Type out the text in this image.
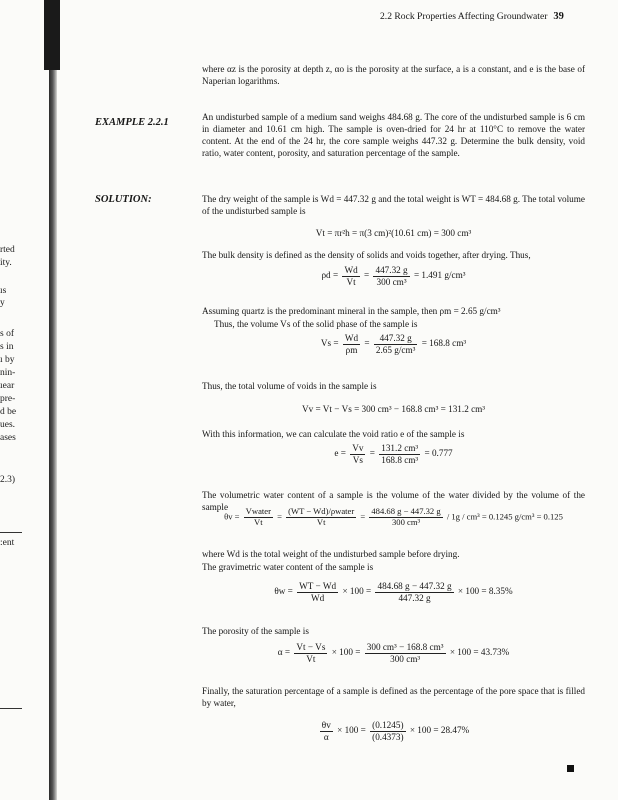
rted
ity.
ıs
y
s of
s in
ı by
nin-
ıear
pre-
d be
ues.
ases
2.3)
:ent
2.2 Rock Properties Affecting Groundwater 39
where αz is the porosity at depth z, αo is the porosity at the surface, a is a constant, and e is the base of Naperian logarithms.
EXAMPLE 2.2.1	An undisturbed sample of a medium sand weighs 484.68 g. The core of the undisturbed sample is 6 cm in diameter and 10.61 cm high. The sample is oven-dried for 24 hr at 110°C to remove the water content. At the end of the 24 hr, the core sample weighs 447.32 g. Determine the bulk density, void ratio, water content, porosity, and saturation percentage of the sample.
SOLUTION:	The dry weight of the sample is Wd = 447.32 g and the total weight is WT = 484.68 g. The total volume of the undisturbed sample is
Vt = πr²h = π(3 cm)²(10.61 cm) = 300 cm³
The bulk density is defined as the density of solids and voids together, after drying. Thus,
$\rho d = \frac{Wd}{Vt} = \frac{447.32 g}{\text{300 cm³}} = 1.491$ g/cm³
Assuming quartz is the predominant mineral in the sample, then ρm = 2.65 g/cm³
Thus, the volume Vs of the solid phase of the sample is
$Vs = \frac{Wd}{\rho m} = \frac{447.32 g}{\text{2.65 g/cm³}} = 168.8$ cm³
Thus, the total volume of voids in the sample is
Vv = Vt − Vs = 300 cm³ − 168.8 cm³ = 131.2 cm³
With this information, we can calculate the void ratio e of the sample is
$e = \frac{Vv}{Vs} = \frac{\text{131.2 cm³}}{\text{168.8 cm³}} = 0.777$
The volumetric water content of a sample is the volume of the water divided by the volume of the sample
$\theta v = \frac{\text{Vwater}}{Vt} = \frac{\text{(WT − Wd)/ρwater}}{Vt} = \frac{484.68 g - 447.32 g}{\text{300 cm³}} / 1g / cm^3 = 0.1245$ g/cm³ = 0.125
where Wd is the total weight of the undisturbed sample before drying.
The gravimetric water content of the sample is
$\theta w = \frac{WT - Wd}{Wd} \times 100 = \frac{484.68 g - 447.32 g}{447.32 g} \times 100 = 8.35\%$
The porosity of the sample is
$\alpha = \frac{Vt - Vs}{Vt} \times 100 = \frac{\text{300 cm³ − 168.8 cm³}}{\text{300 cm³}} \times 100 = 43.73\%$
Finally, the saturation percentage of a sample is defined as the percentage of the pore space that is filled by water,
$\frac{\theta v}{\alpha} \times 100 = \frac{(0.1245)}{(0.4373)} \times 100 = 28.47\%$
